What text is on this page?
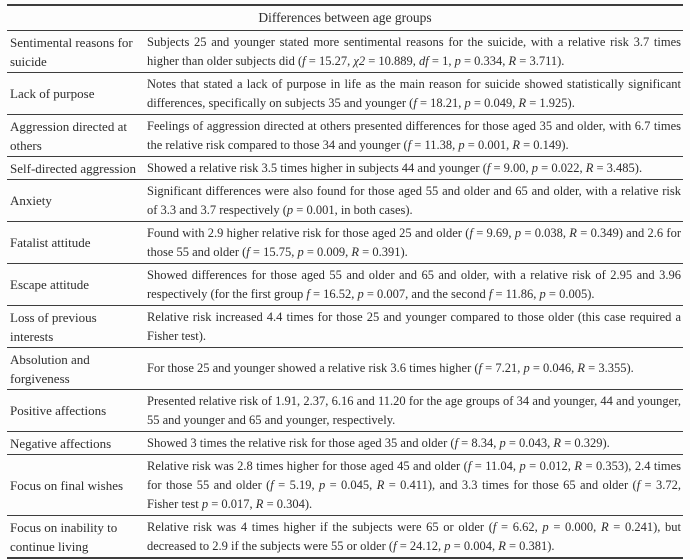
Differences between age groups
Sentimental reasons for suicide
Subjects 25 and younger stated more sentimental reasons for the suicide, with a relative risk 3.7 times higher than older subjects did (f = 15.27, χ2 = 10.889, df = 1, p = 0.334, R = 3.711).
Lack of purpose
Notes that stated a lack of purpose in life as the main reason for suicide showed statistically significant differences, specifically on subjects 35 and younger (f = 18.21, p = 0.049, R = 1.925).
Aggression directed at others
Feelings of aggression directed at others presented differences for those aged 35 and older, with 6.7 times the relative risk compared to those 34 and younger (f = 11.38, p = 0.001, R = 0.149).
Self-directed aggression Showed a relative risk 3.5 times higher in subjects 44 and younger (f = 9.00, p = 0.022, R = 3.485).
Anxiety
Significant differences were also found for those aged 55 and older and 65 and older, with a relative risk of 3.3 and 3.7 respectively (p = 0.001, in both cases).
Fatalist attitude
Found with 2.9 higher relative risk for those aged 25 and older (f = 9.69, p = 0.038, R = 0.349) and 2.6 for those 55 and older (f = 15.75, p = 0.009, R = 0.391).
Escape attitude
Showed differences for those aged 55 and older and 65 and older, with a relative risk of 2.95 and 3.96 respectively (for the first group f = 16.52, p = 0.007, and the second f = 11.86, p = 0.005).
Loss of previous interests
Relative risk increased 4.4 times for those 25 and younger compared to those older (this case required a Fisher test).
Absolution and forgiveness
For those 25 and younger showed a relative risk 3.6 times higher (f = 7.21, p = 0.046, R = 3.355).
Positive affections
Presented relative risk of 1.91, 2.37, 6.16 and 11.20 for the age groups of 34 and younger, 44 and younger, 55 and younger and 65 and younger, respectively.
Negative affections	Showed 3 times the relative risk for those aged 35 and older (f = 8.34, p = 0.043, R = 0.329).
Focus on final wishes
Relative risk was 2.8 times higher for those aged 45 and older (f = 11.04, p = 0.012, R = 0.353), 2.4 times for those 55 and older (f = 5.19, p = 0.045, R = 0.411), and 3.3 times for those 65 and older (f = 3.72, Fisher test p = 0.017, R = 0.304).
Focus on inability to continue living
Relative risk was 4 times higher if the subjects were 65 or older (f = 6.62, p = 0.000, R = 0.241), but decreased to 2.9 if the subjects were 55 or older (f = 24.12, p = 0.004, R = 0.381).
